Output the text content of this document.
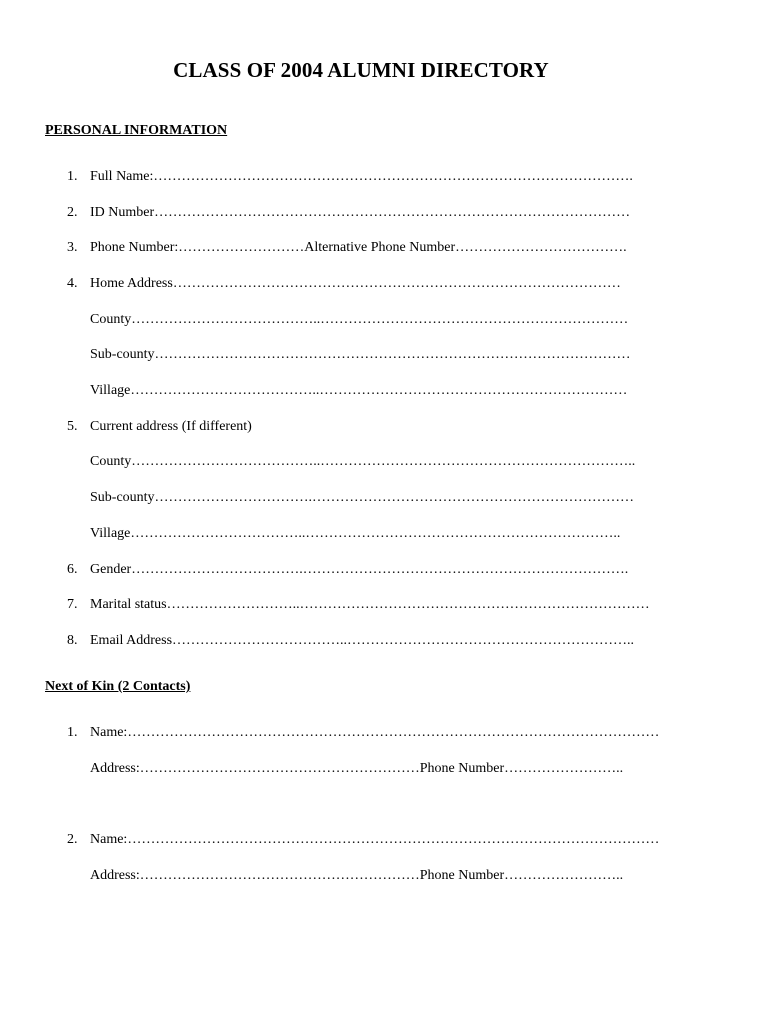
CLASS OF 2004 ALUMNI DIRECTORY
PERSONAL INFORMATION
1. Full Name:………………………………………………………………………………………….
2. ID Number…………………………………………………………………………………………
3. Phone Number:………………………Alternative Phone Number……………………………….
4. Home Address……………………………………………………………………………………
County…………………………………..…………………………………………………………
Sub-county…………………………………………………………………………………………
Village…………………………………..…………………………………………………………
5. Current address (If different)
County…………………………………..…………………………………………………………..
Sub-county…………………………….……………………………………………………………
Village………………………………..…………………………………………………………..
6. Gender……………………………….…………………………………………………………….
7. Marital status………………………..…………………………………………………………………
8. Email Address………………………………..……………………………………………………..
Next of Kin (2 Contacts)
1. Name:……………………………………………………………………………………………………
Address:……………………………………………………Phone Number……………………..
2. Name:……………………………………………………………………………………………………
Address:……………………………………………………Phone Number……………………..
